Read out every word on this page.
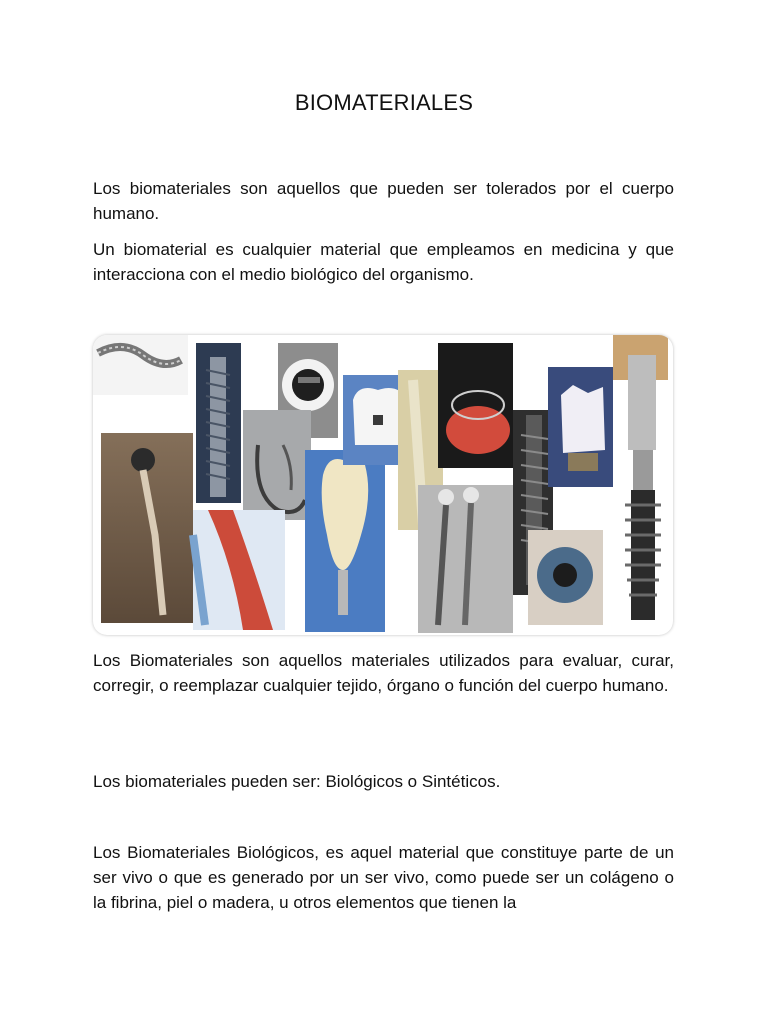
BIOMATERIALES

Los biomateriales son aquellos que pueden ser tolerados por el cuerpo humano.

Un biomaterial es cualquier material que empleamos en medicina y que interacciona con el medio biológico del organismo.

Los Biomateriales son aquellos materiales utilizados para evaluar, curar, corregir, o reemplazar cualquier tejido, órgano o función del cuerpo humano.

Los biomateriales pueden ser: Biológicos o Sintéticos.

Los Biomateriales Biológicos, es aquel material que constituye parte de un ser vivo o que es generado por un ser vivo, como puede ser un colágeno o la fibrina, piel o madera, u otros elementos que tienen la
